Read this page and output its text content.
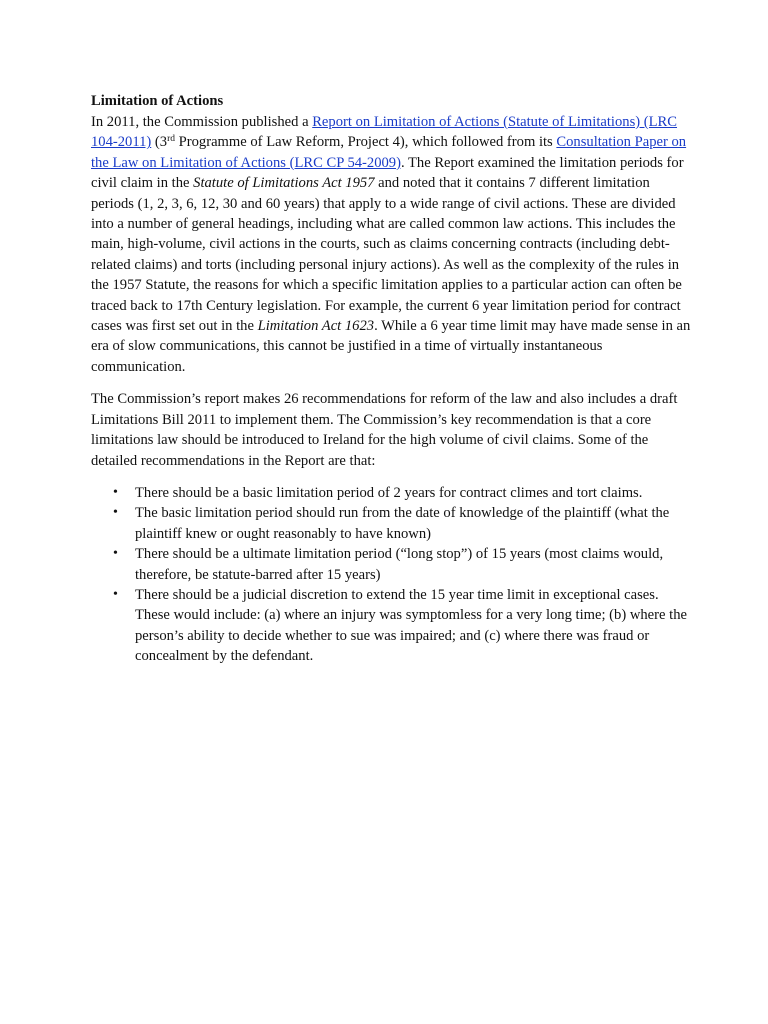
Limitation of Actions

In 2011, the Commission published a Report on Limitation of Actions (Statute of Limitations) (LRC 104-2011) (3rd Programme of Law Reform, Project 4), which followed from its Consultation Paper on the Law on Limitation of Actions (LRC CP 54-2009). The Report examined the limitation periods for civil claim in the Statute of Limitations Act 1957 and noted that it contains 7 different limitation periods (1, 2, 3, 6, 12, 30 and 60 years) that apply to a wide range of civil actions. These are divided into a number of general headings, including what are called common law actions. This includes the main, high-volume, civil actions in the courts, such as claims concerning contracts (including debt-related claims) and torts (including personal injury actions). As well as the complexity of the rules in the 1957 Statute, the reasons for which a specific limitation applies to a particular action can often be traced back to 17th Century legislation. For example, the current 6 year limitation period for contract cases was first set out in the Limitation Act 1623. While a 6 year time limit may have made sense in an era of slow communications, this cannot be justified in a time of virtually instantaneous communication.

The Commission’s report makes 26 recommendations for reform of the law and also includes a draft Limitations Bill 2011 to implement them. The Commission’s key recommendation is that a core limitations law should be introduced to Ireland for the high volume of civil claims. Some of the detailed recommendations in the Report are that:

• There should be a basic limitation period of 2 years for contract climes and tort claims.
• The basic limitation period should run from the date of knowledge of the plaintiff (what the plaintiff knew or ought reasonably to have known)
• There should be a ultimate limitation period (“long stop”) of 15 years (most claims would, therefore, be statute-barred after 15 years)
• There should be a judicial discretion to extend the 15 year time limit in exceptional cases. These would include: (a) where an injury was symptomless for a very long time; (b) where the person’s ability to decide whether to sue was impaired; and (c) where there was fraud or concealment by the defendant.
